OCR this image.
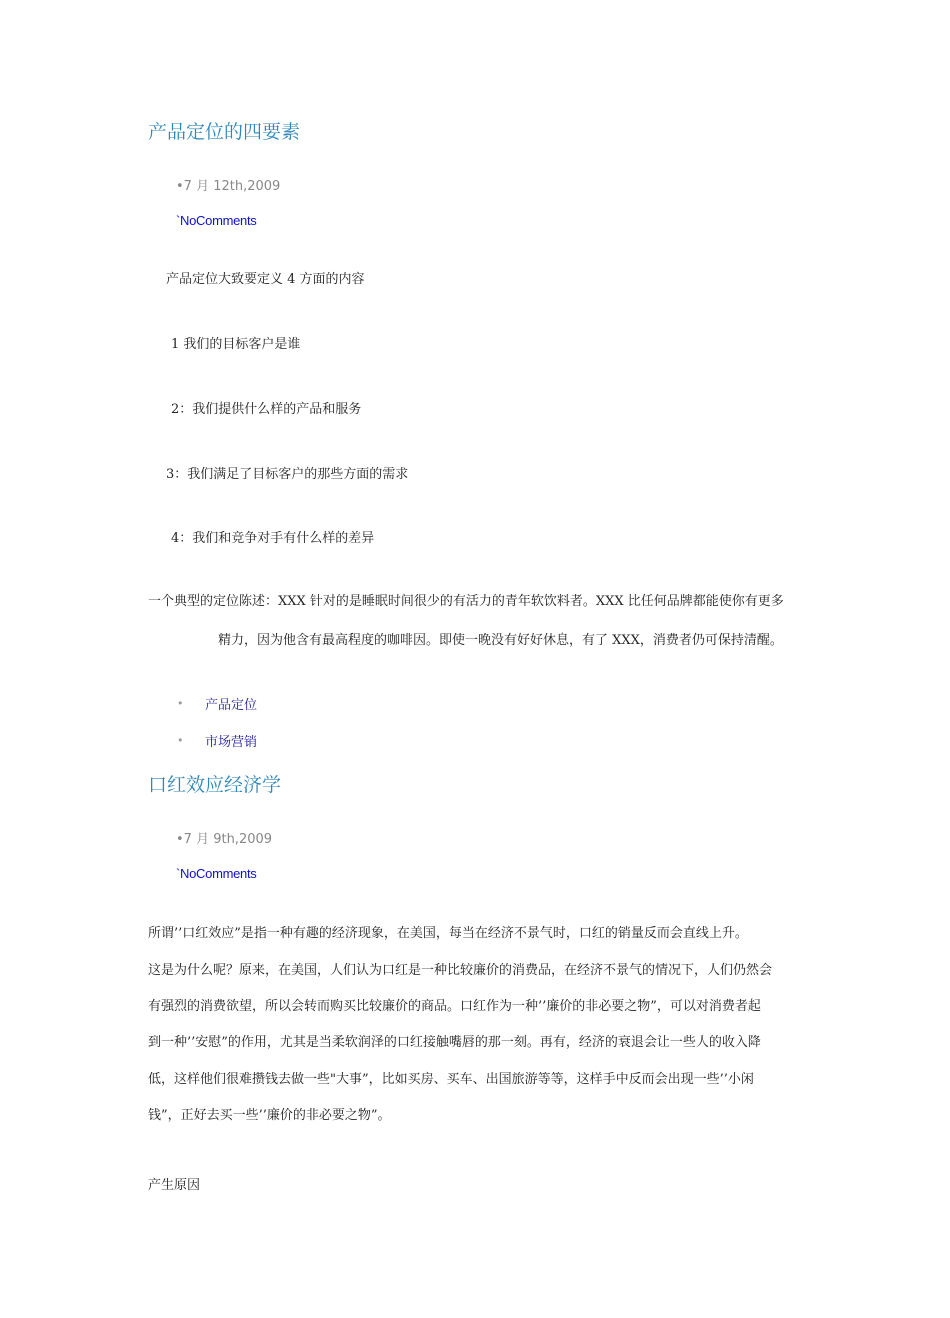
产品定位的四要素
•7 月 12th,2009
`NoComments
产品定位大致要定义 4 方面的内容
1 我们的目标客户是谁
2：我们提供什么样的产品和服务
3：我们满足了目标客户的那些方面的需求
4：我们和竞争对手有什么样的差异
一个典型的定位陈述：XXX 针对的是睡眠时间很少的有活力的青年软饮料者。XXX 比任何品牌都能使你有更多
精力，因为他含有最高程度的咖啡因。即使一晚没有好好休息，有了 XXX，消费者仍可保持清醒。
• 产品定位
• 市场营销
口红效应经济学
•7 月 9th,2009
`NoComments
所谓’’口红效应”是指一种有趣的经济现象，在美国，每当在经济不景气时，口红的销量反而会直线上升。
这是为什么呢？原来，在美国，人们认为口红是一种比较廉价的消费品，在经济不景气的情况下，人们仍然会
有强烈的消费欲望，所以会转而购买比较廉价的商品。口红作为一种’’廉价的非必要之物”，可以对消费者起
到一种’’安慰”的作用，尤其是当柔软润泽的口红接触嘴唇的那一刻。再有，经济的衰退会让一些人的收入降
低，这样他们很难攒钱去做一些"大事”，比如买房、买车、出国旅游等等，这样手中反而会出现一些’’小闲
钱”，正好去买一些’’廉价的非必要之物”。
产生原因
